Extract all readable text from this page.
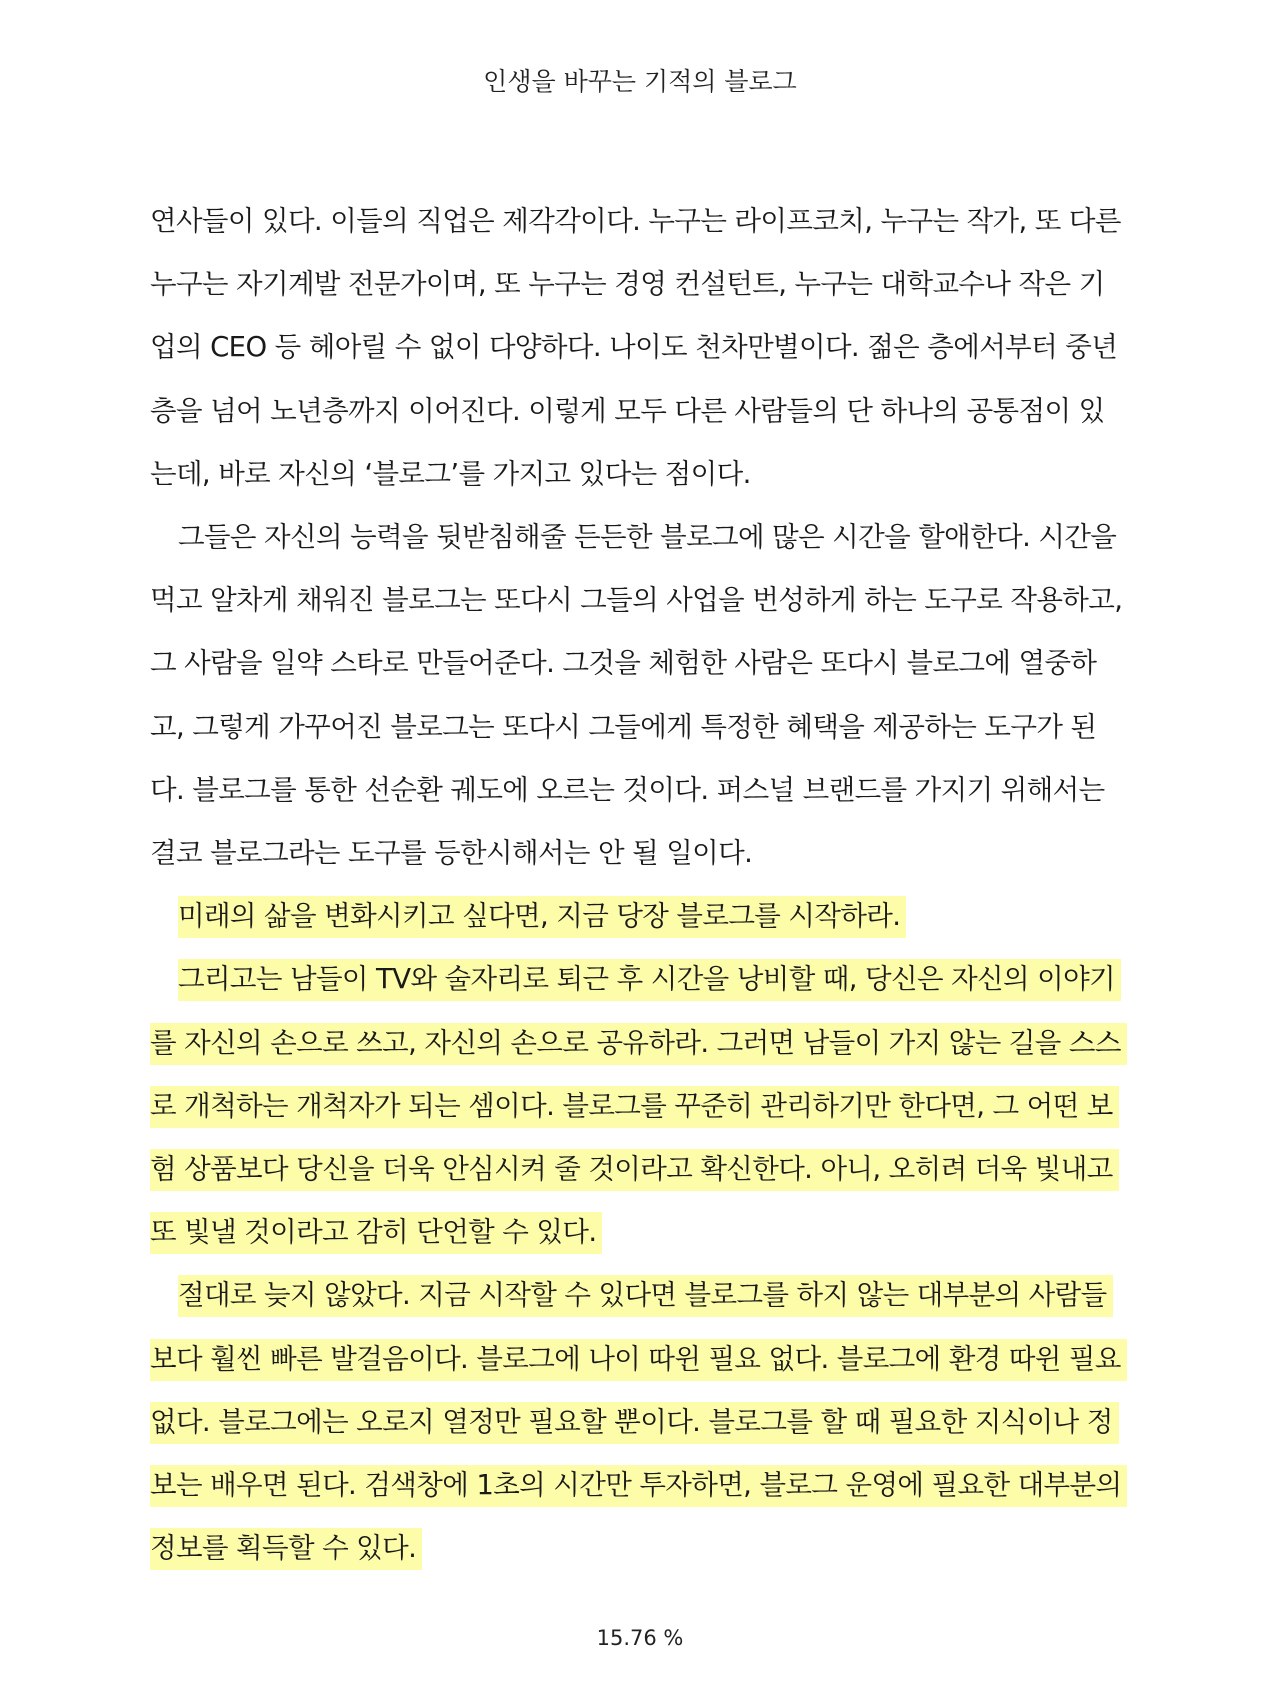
인생을 바꾸는 기적의 블로그

연사들이 있다. 이들의 직업은 제각각이다. 누구는 라이프코치, 누구는 작가, 또 다른 누구는 자기계발 전문가이며, 또 누구는 경영 컨설턴트, 누구는 대학교수나 작은 기업의 CEO 등 헤아릴 수 없이 다양하다. 나이도 천차만별이다. 젊은 층에서부터 중년층을 넘어 노년층까지 이어진다. 이렇게 모두 다른 사람들의 단 하나의 공통점이 있는데, 바로 자신의 ‘블로그’를 가지고 있다는 점이다.

그들은 자신의 능력을 뒷받침해줄 든든한 블로그에 많은 시간을 할애한다. 시간을 먹고 알차게 채워진 블로그는 또다시 그들의 사업을 번성하게 하는 도구로 작용하고, 그 사람을 일약 스타로 만들어준다. 그것을 체험한 사람은 또다시 블로그에 열중하고, 그렇게 가꾸어진 블로그는 또다시 그들에게 특정한 혜택을 제공하는 도구가 된다. 블로그를 통한 선순환 궤도에 오르는 것이다. 퍼스널 브랜드를 가지기 위해서는 결코 블로그라는 도구를 등한시해서는 안 될 일이다.

미래의 삶을 변화시키고 싶다면, 지금 당장 블로그를 시작하라.

그리고는 남들이 TV와 술자리로 퇴근 후 시간을 낭비할 때, 당신은 자신의 이야기를 자신의 손으로 쓰고, 자신의 손으로 공유하라. 그러면 남들이 가지 않는 길을 스스로 개척하는 개척자가 되는 셈이다. 블로그를 꾸준히 관리하기만 한다면, 그 어떤 보험 상품보다 당신을 더욱 안심시켜 줄 것이라고 확신한다. 아니, 오히려 더욱 빛내고 또 빛낼 것이라고 감히 단언할 수 있다.

절대로 늦지 않았다. 지금 시작할 수 있다면 블로그를 하지 않는 대부분의 사람들보다 훨씬 빠른 발걸음이다. 블로그에 나이 따윈 필요 없다. 블로그에 환경 따윈 필요 없다. 블로그에는 오로지 열정만 필요할 뿐이다. 블로그를 할 때 필요한 지식이나 정보는 배우면 된다. 검색창에 1초의 시간만 투자하면, 블로그 운영에 필요한 대부분의 정보를 획득할 수 있다.

15.76 %
